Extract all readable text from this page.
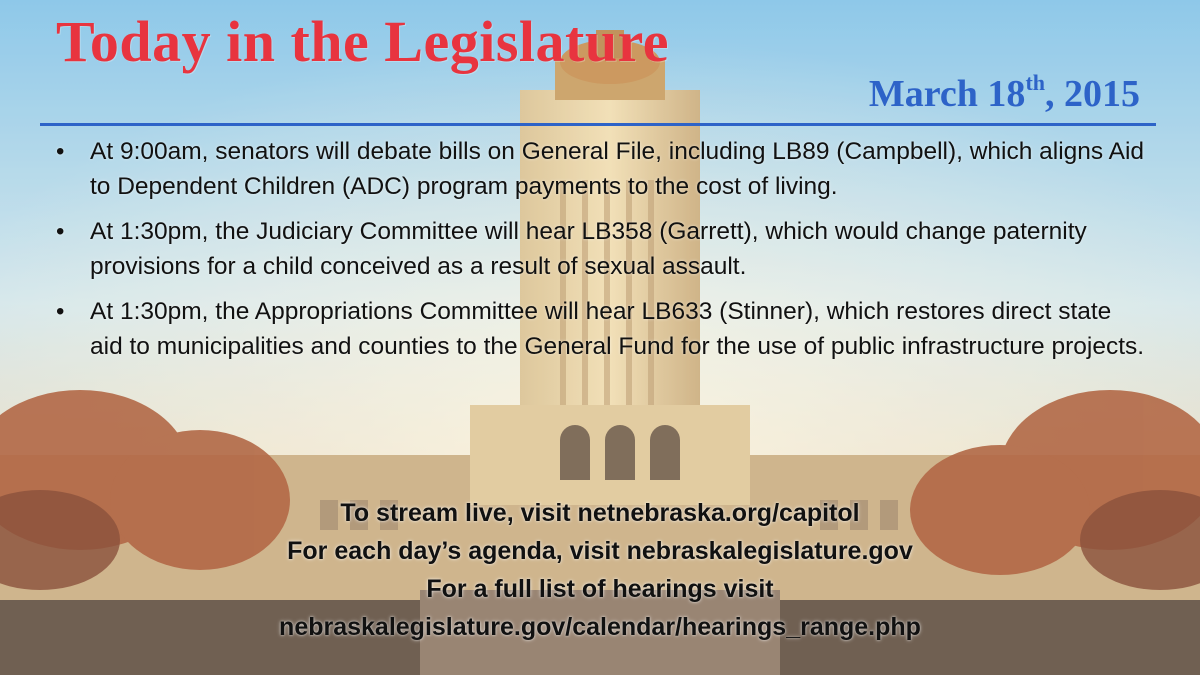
Today in the Legislature
March 18th, 2015
• At 9:00am, senators will debate bills on General File, including LB89 (Campbell), which aligns Aid to Dependent Children (ADC) program payments to the cost of living.
• At 1:30pm, the Judiciary Committee will hear LB358 (Garrett), which would change paternity provisions for a child conceived as a result of sexual assault.
• At 1:30pm, the Appropriations Committee will hear LB633 (Stinner), which restores direct state aid to municipalities and counties to the General Fund for the use of public infrastructure projects.
To stream live, visit netnebraska.org/capitol
For each day’s agenda, visit nebraskalegislature.gov
For a full list of hearings visit
nebraskalegislature.gov/calendar/hearings_range.php
